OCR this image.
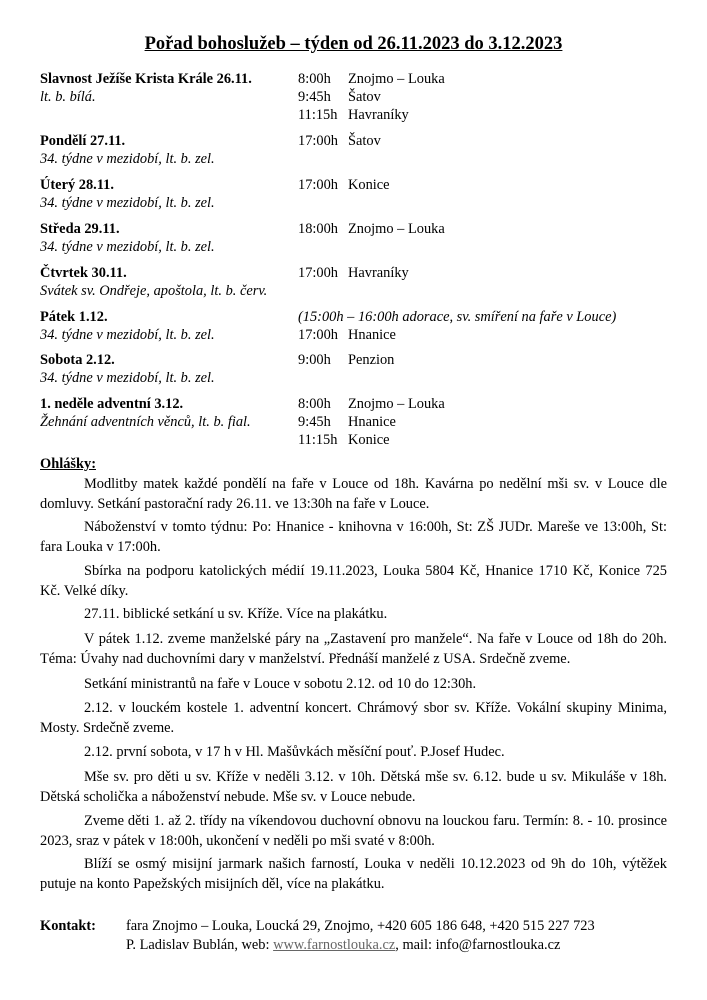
Pořad bohoslužeb – týden od 26.11.2023 do 3.12.2023
Slavnost Ježíše Krista Krále 26.11.
lt. b. bílá.
8:00h Znojmo – Louka
9:45h Šatov
11:15h Havraníky
Pondělí 27.11.
34. týdne v mezidobí, lt. b. zel.
17:00h Šatov
Úterý 28.11.
34. týdne v mezidobí, lt. b. zel.
17:00h Konice
Středa 29.11.
34. týdne v mezidobí, lt. b. zel.
18:00h Znojmo – Louka
Čtvrtek 30.11.
Svátek sv. Ondřeje, apoštola, lt. b. červ.
17:00h Havraníky
Pátek 1.12.
34. týdne v mezidobí, lt. b. zel.
(15:00h – 16:00h adorace, sv. smíření na faře v Louce)
17:00h Hnanice
Sobota 2.12.
34. týdne v mezidobí, lt. b. zel.
9:00h Penzion
1. neděle adventní 3.12.
Žehnání adventních věnců, lt. b. fial.
8:00h Znojmo – Louka
9:45h Hnanice
11:15h Konice
Ohlášky:
Modlitby matek každé pondělí na faře v Louce od 18h. Kavárna po nedělní mši sv. v Louce dle domluvy. Setkání pastorační rady 26.11. ve 13:30h na faře v Louce.
Náboženství v tomto týdnu: Po: Hnanice - knihovna v 16:00h, St: ZŠ JUDr. Mareše ve 13:00h, St: fara Louka v 17:00h.
Sbírka na podporu katolických médií 19.11.2023, Louka 5804 Kč, Hnanice 1710 Kč, Konice 725 Kč. Velké díky.
27.11. biblické setkání u sv. Kříže. Více na plakátku.
V pátek 1.12. zveme manželské páry na „Zastavení pro manžele“. Na faře v Louce od 18h do 20h. Téma: Úvahy nad duchovními dary v manželství. Přednáší manželé z USA. Srdečně zveme.
Setkání ministrantů na faře v Louce v sobotu 2.12. od 10 do 12:30h.
2.12. v louckém kostele 1. adventní koncert. Chrámový sbor sv. Kříže. Vokální skupiny Minima, Mosty. Srdečně zveme.
2.12. první sobota, v 17 h v Hl. Mašůvkách měsíční pouť. P.Josef Hudec.
Mše sv. pro děti u sv. Kříže v neděli 3.12. v 10h. Dětská mše sv. 6.12. bude u sv. Mikuláše v 18h. Dětská scholička a náboženství nebude. Mše sv. v Louce nebude.
Zveme děti 1. až 2. třídy na víkendovou duchovní obnovu na louckou faru. Termín: 8. - 10. prosince 2023, sraz v pátek v 18:00h, ukončení v neděli po mši svaté v 8:00h.
Blíží se osmý misijní jarmark našich farností, Louka v neděli 10.12.2023 od 9h do 10h, výtěžek putuje na konto Papežských misijních děl, více na plakátku.
Kontakt: fara Znojmo – Louka, Loucká 29, Znojmo, +420 605 186 648, +420 515 227 723
P. Ladislav Bublán, web: www.farnostlouka.cz, mail: info@farnostlouka.cz
